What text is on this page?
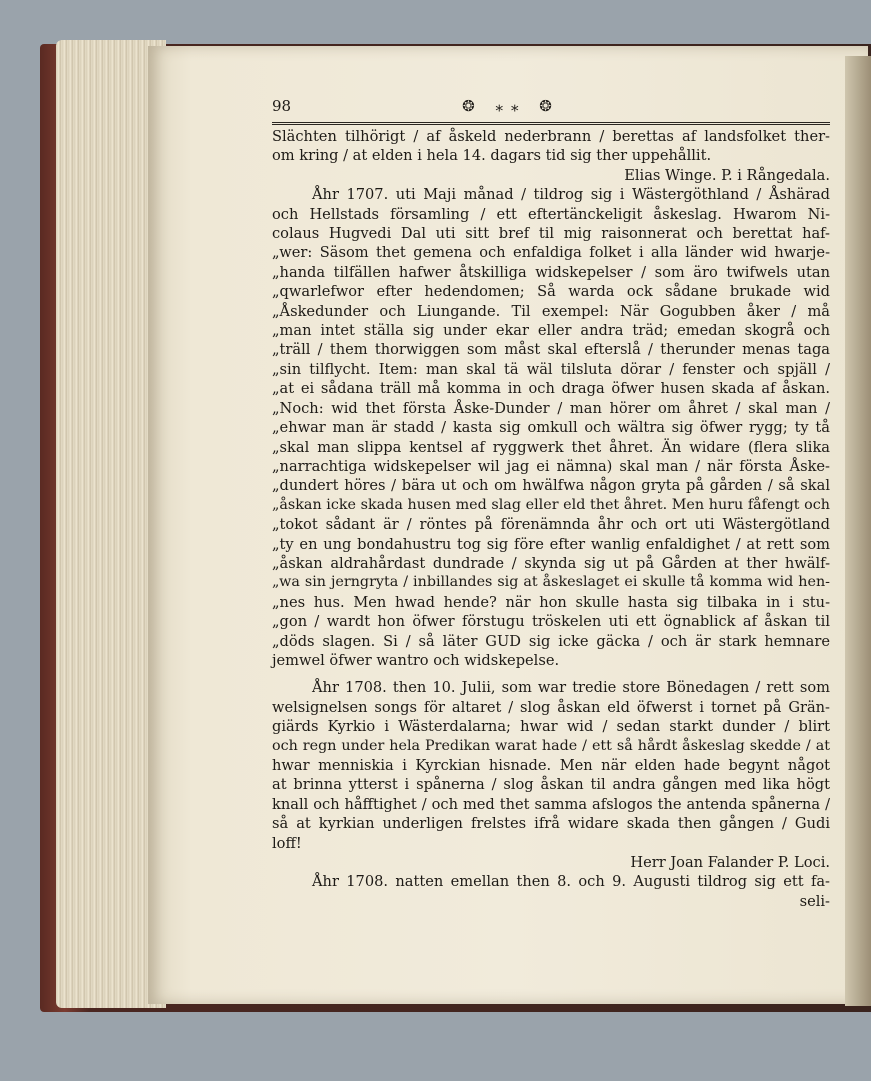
98	❂ ⁎⁎ ❂
Slächten tilhörigt / af åskeld nederbrann / berettas af landsfolket ther-
om kring / at elden i hela 14. dagars tid sig ther uppehållit.
Elias Winge. P. i Rångedala.
Åhr 1707. uti Maji månad / tildrog sig i Wästergöthland / Åshärad
och Hellstads församling / ett eftertänckeligit åskeslag. Hwarom Ni-
colaus Hugvedi Dal uti sitt bref til mig raisonnerat och berettat haf-
„wer: Säsom thet gemena och enfaldiga folket i alla länder wid hwarje-
„handa tilfällen hafwer åtskilliga widskepelser / som äro twifwels utan
„qwarlefwor efter hedendomen; Så warda ock sådane brukade wid
„Åskedunder och Liungande. Til exempel: När Gogubben åker / må
„man intet ställa sig under ekar eller andra träd; emedan skogrå och
„träll / them thorwiggen som måst skal efterslå / therunder menas taga
„sin tilflycht. Item: man skal tä wäl tilsluta dörar / fenster och spjäll /
„at ei sådana träll må komma in och draga öfwer husen skada af åskan.
„Noch: wid thet första Åske-Dunder / man hörer om åhret / skal man /
„ehwar man är stadd / kasta sig omkull och wältra sig öfwer rygg; ty tå
„skal man slippa kentsel af ryggwerk thet åhret. Än widare (flera slika
„narrachtiga widskepelser wil jag ei nämna) skal man / när första Åske-
„dundert höres / bära ut och om hwälfwa någon gryta på gården / så skal
„åskan icke skada husen med slag eller eld thet åhret. Men huru fåfengt och
„tokot sådant är / röntes på förenämnda åhr och ort uti Wästergötland
„ty en ung bondahustru tog sig före efter wanlig enfaldighet / at rett som
„åskan aldrahårdast dundrade / skynda sig ut på Gården at ther hwälf-
„wa sin jerngryta / inbillandes sig at åskeslaget ei skulle tå komma wid hen-
„nes hus. Men hwad hende? när hon skulle hasta sig tilbaka in i stu-
„gon / wardt hon öfwer förstugu tröskelen uti ett ögnablick af åskan til
„döds slagen. Si / så läter GUD sig icke gäcka / och är stark hemnare
jemwel öfwer wantro och widskepelse.
Åhr 1708. then 10. Julii, som war tredie store Bönedagen / rett som
welsignelsen songs för altaret / slog åskan eld öfwerst i tornet på Grän-
giärds Kyrkio i Wästerdalarna; hwar wid / sedan starkt dunder / blirt
och regn under hela Predikan warat hade / ett så hårdt åskeslag skedde / at
hwar menniskia i Kyrckian hisnade. Men när elden hade begynt något
at brinna ytterst i spånerna / slog åskan til andra gången med lika högt
knall och håfftighet / och med thet samma afslogos the antenda spånerna /
så at kyrkian underligen frelstes ifrå widare skada then gången / Gudi
loff!
Herr Joan Falander P. Loci.
Åhr 1708. natten emellan then 8. och 9. Augusti tildrog sig ett fa-
seli-
